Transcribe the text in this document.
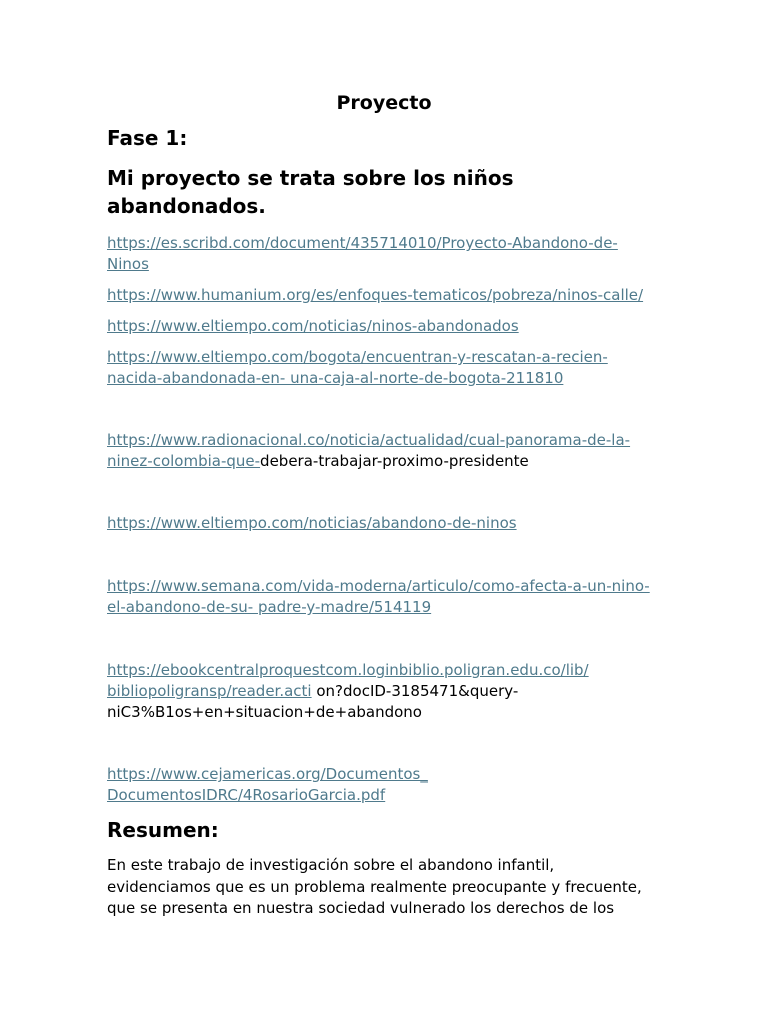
Proyecto
Fase 1:
Mi proyecto se trata sobre los niños abandonados.

https://es.scribd.com/document/435714010/Proyecto-Abandono-de-
Ninos

https://www.humanium.org/es/enfoques-tematicos/pobreza/ninos-calle/

https://www.eltiempo.com/noticias/ninos-abandonados

https://www.eltiempo.com/bogota/encuentran-y-rescatan-a-recien-
nacida-abandonada-en- una-caja-al-norte-de-bogota-211810

https://www.radionacional.co/noticia/actualidad/cual-panorama-de-la-
ninez-colombia-que-debera-trabajar-proximo-presidente

https://www.eltiempo.com/noticias/abandono-de-ninos

https://www.semana.com/vida-moderna/articulo/como-afecta-a-un-nino-
el-abandono-de-su- padre-y-madre/514119

https://ebookcentralproquestcom.loginbiblio.poligran.edu.co/lib/
bibliopoligransp/reader.acti on?docID-3185471&query-
niC3%B1os+en+situacion+de+abandono

https://www.cejamericas.org/Documentos_
DocumentosIDRC/4RosarioGarcia.pdf

Resumen:

En este trabajo de investigación sobre el abandono infantil,
evidenciamos que es un problema realmente preocupante y frecuente,
que se presenta en nuestra sociedad vulnerado los derechos de los
